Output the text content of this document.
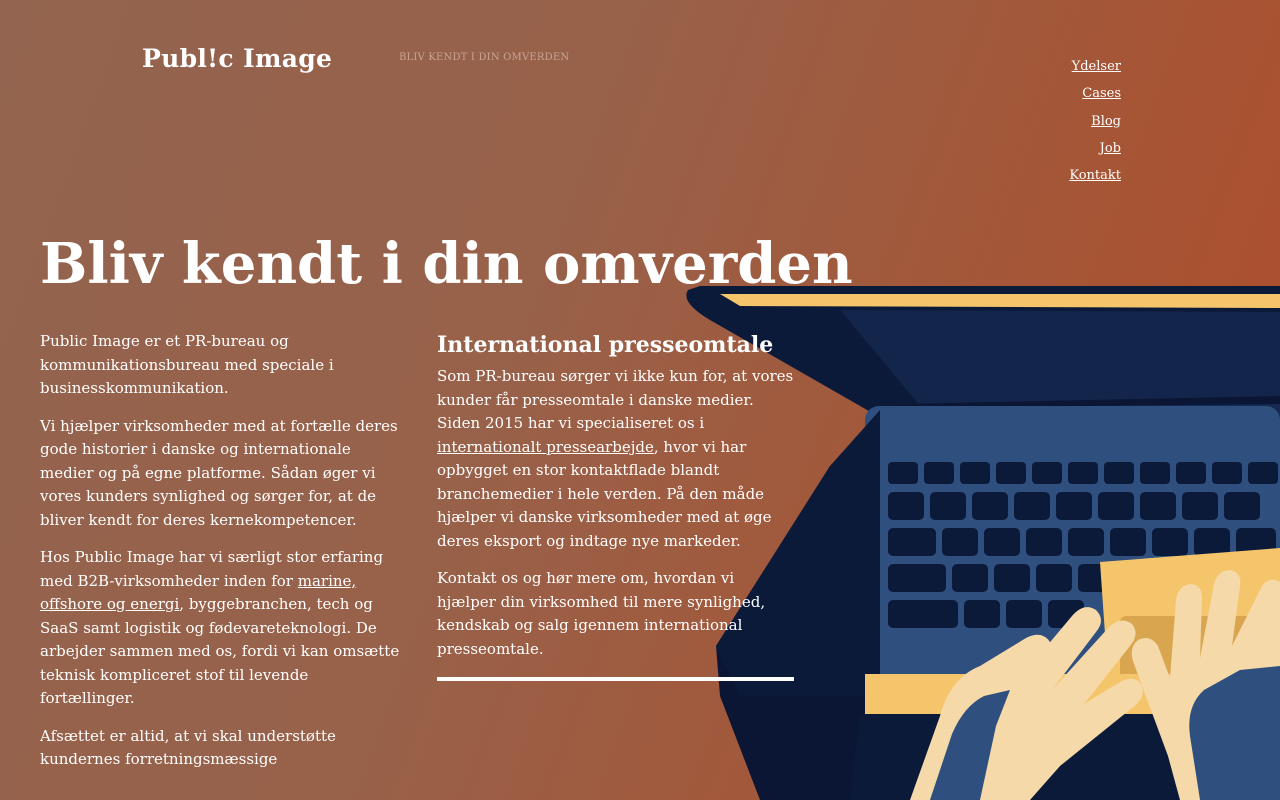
Publ!c Image	BLIV KENDT I DIN OMVERDEN
Ydelser
Cases
Blog
Job
Kontakt
Bliv kendt i din omverden

Public Image er et PR-bureau og kommunikationsbureau med speciale i businesskommunikation.

Vi hjælper virksomheder med at fortælle deres gode historier i danske og internationale medier og på egne platforme. Sådan øger vi vores kunders synlighed og sørger for, at de bliver kendt for deres kernekompetencer.

Hos Public Image har vi særligt stor erfaring med B2B-virksomheder inden for marine, offshore og energi, byggebranchen, tech og SaaS samt logistik og fødevareteknologi. De arbejder sammen med os, fordi vi kan omsætte teknisk kompliceret stof til levende fortællinger.

Afsættet er altid, at vi skal understøtte kundernes forretningsmæssige

International presseomtale

Som PR-bureau sørger vi ikke kun for, at vores kunder får presseomtale i danske medier. Siden 2015 har vi specialiseret os i internationalt pressearbejde, hvor vi har opbygget en stor kontaktflade blandt branchemedier i hele verden. På den måde hjælper vi danske virksomheder med at øge deres eksport og indtage nye markeder.

Kontakt os og hør mere om, hvordan vi hjælper din virksomhed til mere synlighed, kendskab og salg igennem international presseomtale.
